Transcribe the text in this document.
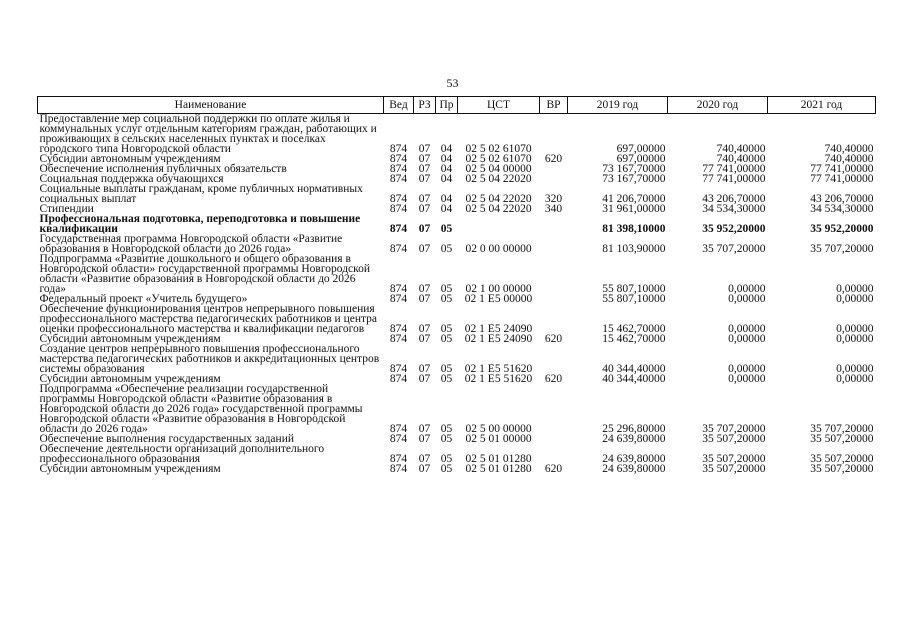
53
Наименование	Вед	РЗ	Пр	ЦСТ	ВР	2019 год	2020 год	2021 год
Предоставление мер социальной поддержки по оплате жилья и коммунальных услуг отдельным категориям граждан, работающих и проживающих в сельских населенных пунктах и поселках городского типа Новгородской области	874	07	04	02 5 02 61070		697,00000	740,40000	740,40000
Субсидии автономным учреждениям	874	07	04	02 5 02 61070	620	697,00000	740,40000	740,40000
Обеспечение исполнения публичных обязательств	874	07	04	02 5 04 00000		73 167,70000	77 741,00000	77 741,00000
Социальная поддержка обучающихся	874	07	04	02 5 04 22020		73 167,70000	77 741,00000	77 741,00000
Социальные выплаты гражданам, кроме публичных нормативных социальных выплат	874	07	04	02 5 04 22020	320	41 206,70000	43 206,70000	43 206,70000
Стипендии	874	07	04	02 5 04 22020	340	31 961,00000	34 534,30000	34 534,30000
Профессиональная подготовка, переподготовка и повышение квалификации	874	07	05			81 398,10000	35 952,20000	35 952,20000
Государственная программа Новгородской области «Развитие образования в Новгородской области до 2026 года»	874	07	05	02 0 00 00000		81 103,90000	35 707,20000	35 707,20000
Подпрограмма «Развитие дошкольного и общего образования в Новгородской области» государственной программы Новгородской области «Развитие образования в Новгородской области до 2026 года»	874	07	05	02 1 00 00000		55 807,10000	0,00000	0,00000
Федеральный проект «Учитель будущего»	874	07	05	02 1 E5 00000		55 807,10000	0,00000	0,00000
Обеспечение функционирования центров непрерывного повышения профессионального мастерства педагогических работников и центра оценки профессионального мастерства и квалификации педагогов	874	07	05	02 1 E5 24090		15 462,70000	0,00000	0,00000
Субсидии автономным учреждениям	874	07	05	02 1 E5 24090	620	15 462,70000	0,00000	0,00000
Создание центров непрерывного повышения профессионального мастерства педагогических работников и аккредитационных центров системы образования	874	07	05	02 1 E5 51620		40 344,40000	0,00000	0,00000
Субсидии автономным учреждениям	874	07	05	02 1 E5 51620	620	40 344,40000	0,00000	0,00000
Подпрограмма «Обеспечение реализации государственной программы Новгородской области «Развитие образования в Новгородской области до 2026 года» государственной программы Новгородской области «Развитие образования в Новгородской области до 2026 года»	874	07	05	02 5 00 00000		25 296,80000	35 707,20000	35 707,20000
Обеспечение выполнения государственных заданий	874	07	05	02 5 01 00000		24 639,80000	35 507,20000	35 507,20000
Обеспечение деятельности организаций дополнительного профессионального образования	874	07	05	02 5 01 01280		24 639,80000	35 507,20000	35 507,20000
Субсидии автономным учреждениям	874	07	05	02 5 01 01280	620	24 639,80000	35 507,20000	35 507,20000
